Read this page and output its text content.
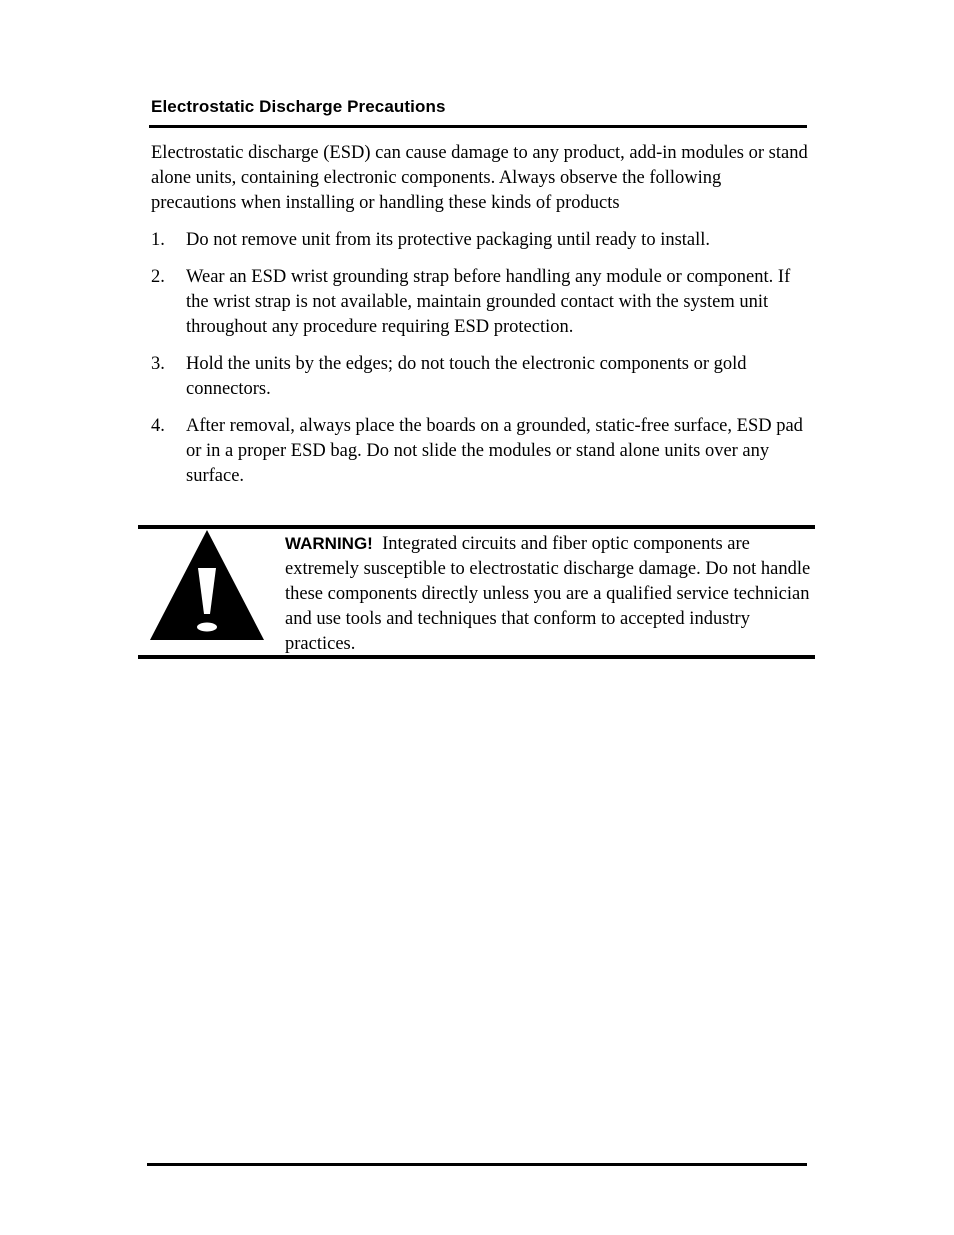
Electrostatic Discharge Precautions

Electrostatic discharge (ESD) can cause damage to any product, add-in modules or stand alone units, containing electronic components. Always observe the following precautions when installing or handling these kinds of products

1. Do not remove unit from its protective packaging until ready to install.
2. Wear an ESD wrist grounding strap before handling any module or component. If the wrist strap is not available, maintain grounded contact with the system unit throughout any procedure requiring ESD protection.
3. Hold the units by the edges; do not touch the electronic components or gold connectors.
4. After removal, always place the boards on a grounded, static-free surface, ESD pad or in a proper ESD bag. Do not slide the modules or stand alone units over any surface.
WARNING! Integrated circuits and fiber optic components are extremely susceptible to electrostatic discharge damage. Do not handle these components directly unless you are a qualified service technician and use tools and techniques that conform to accepted industry practices.
